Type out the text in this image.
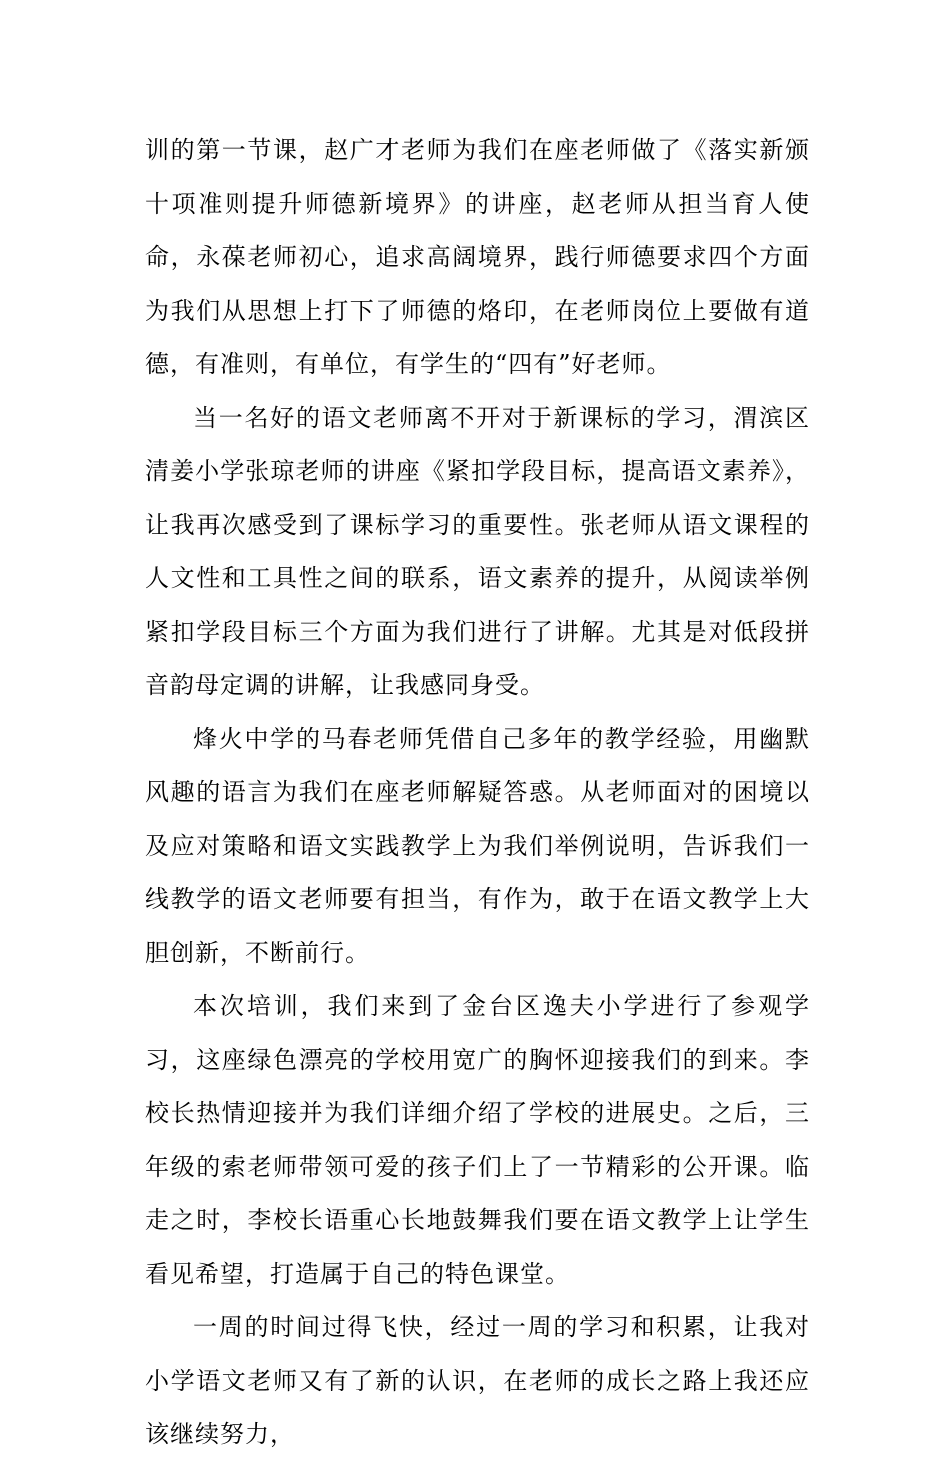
训的第一节课，赵广才老师为我们在座老师做了《落实新颁十项准则提升师德新境界》的讲座，赵老师从担当育人使命，永葆老师初心，追求高阔境界，践行师德要求四个方面为我们从思想上打下了师德的烙印，在老师岗位上要做有道德，有准则，有单位，有学生的“四有”好老师。

当一名好的语文老师离不开对于新课标的学习，渭滨区清姜小学张琼老师的讲座《紧扣学段目标，提高语文素养》，让我再次感受到了课标学习的重要性。张老师从语文课程的人文性和工具性之间的联系，语文素养的提升，从阅读举例紧扣学段目标三个方面为我们进行了讲解。尤其是对低段拼音韵母定调的讲解，让我感同身受。

烽火中学的马春老师凭借自己多年的教学经验，用幽默风趣的语言为我们在座老师解疑答惑。从老师面对的困境以及应对策略和语文实践教学上为我们举例说明，告诉我们一线教学的语文老师要有担当，有作为，敢于在语文教学上大胆创新，不断前行。

本次培训，我们来到了金台区逸夫小学进行了参观学习，这座绿色漂亮的学校用宽广的胸怀迎接我们的到来。李校长热情迎接并为我们详细介绍了学校的进展史。之后，三年级的索老师带领可爱的孩子们上了一节精彩的公开课。临走之时，李校长语重心长地鼓舞我们要在语文教学上让学生看见希望，打造属于自己的特色课堂。

一周的时间过得飞快，经过一周的学习和积累，让我对小学语文老师又有了新的认识，在老师的成长之路上我还应该继续努力，
